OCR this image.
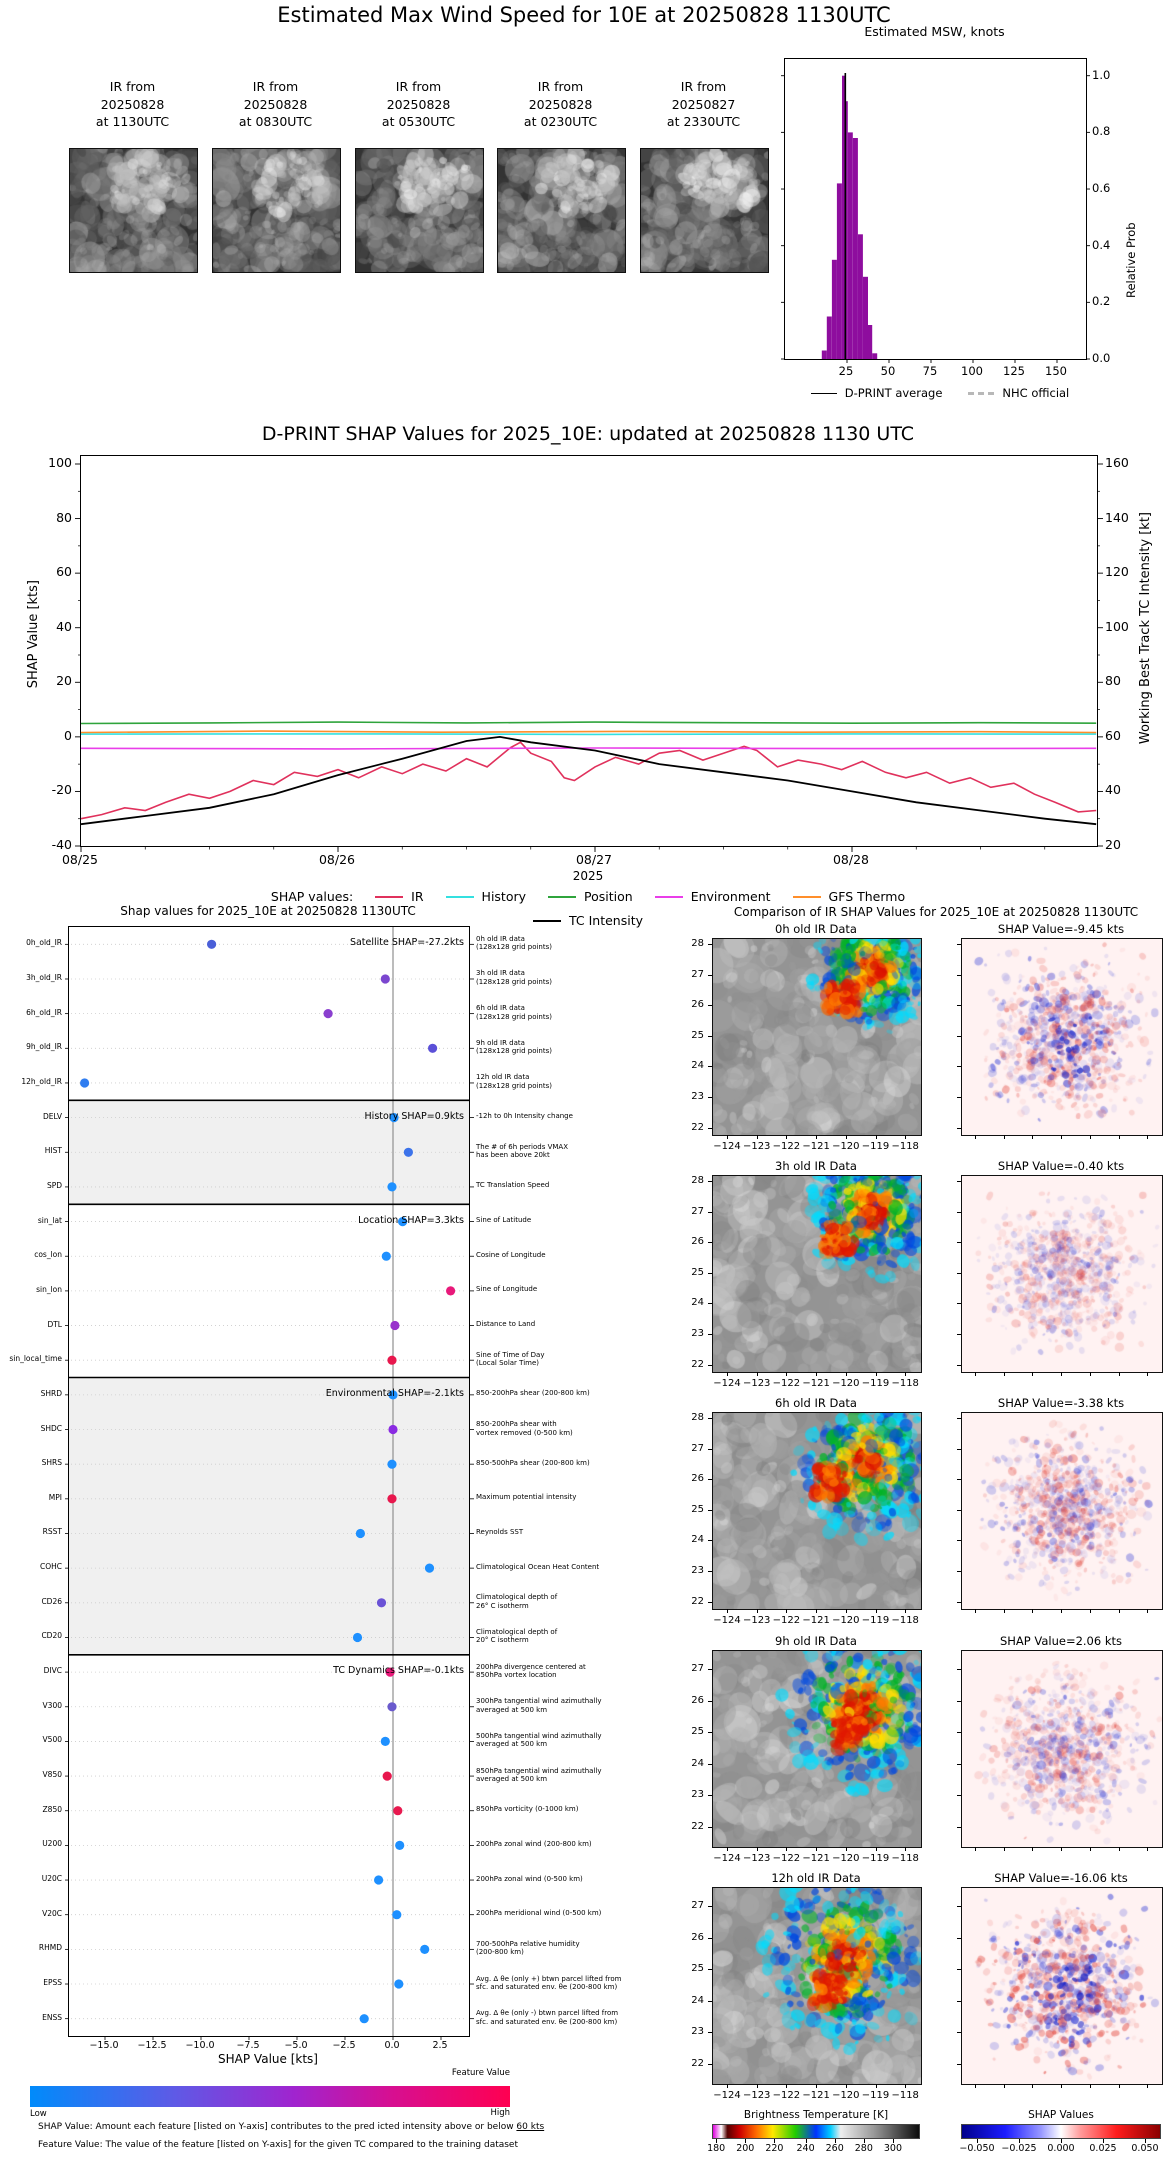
Estimated Max Wind Speed for 10E at 20250828 1130UTC
Estimated MSW, knots
Relative Prob
D-PRINT SHAP Values for 2025_10E: updated at 20250828 1130 UTC
SHAP Value [kts]	Working Best Track TC Intensity [kt]
2025
Shap values for 2025_10E at 20250828 1130UTC
SHAP Value [kts]
Feature Value
Low	High
SHAP Value: Amount each feature [listed on Y-axis] contributes to the pred icted intensity above or below 60 kts
Feature Value: The value of the feature [listed on Y-axis] for the given TC compared to the training dataset
Comparison of IR SHAP Values for 2025_10E at 20250828 1130UTC
Brightness Temperature [K]	SHAP Values
IR from
20250828
at 1130UTC
IR from
20250828
at 0830UTC
IR from
20250828
at 0530UTC
IR from
20250828
at 0230UTC
IR from
20250827
at 2330UTC
1.0
0.8
0.6
0.4
0.2
0.0
25	50	75	100	125	150
D-PRINT average	NHC official
100	160
80	140
60	120
40	100
20	80
0	60
-20	40
-40	20
08/25	08/26	08/27	08/28
SHAP values:	IR	History	Position	Environment	GFS Thermo
TC Intensity
0h_old_IR	0h old IR data
(128x128 grid points)
3h_old_IR	3h old IR data
(128x128 grid points)
6h_old_IR	6h old IR data
(128x128 grid points)
9h_old_IR	9h old IR data
(128x128 grid points)
12h_old_IR	12h old IR data
(128x128 grid points)
DELV	-12h to 0h Intensity change
HIST	The # of 6h periods VMAX
has been above 20kt
SPD	TC Translation Speed
sin_lat	Sine of Latitude
cos_lon	Cosine of Longitude
sin_lon	Sine of Longitude
DTL	Distance to Land
sin_local_time	Sine of Time of Day
(Local Solar Time)
SHRD	850-200hPa shear (200-800 km)
SHDC	850-200hPa shear with
vortex removed (0-500 km)
SHRS	850-500hPa shear (200-800 km)
MPI	Maximum potential intensity
RSST	Reynolds SST
COHC	Climatological Ocean Heat Content
CD26	Climatological depth of
26° C isotherm
CD20	Climatological depth of
20° C isotherm
DIVC	200hPa divergence centered at
850hPa vortex location
V300	300hPa tangential wind azimuthally
averaged at 500 km
V500	500hPa tangential wind azimuthally
averaged at 500 km
V850	850hPa tangential wind azimuthally
averaged at 500 km
Z850	850hPa vorticity (0-1000 km)
U200	200hPa zonal wind (200-800 km)
U20C	200hPa zonal wind (0-500 km)
V20C	200hPa meridional wind (0-500 km)
RHMD	700-500hPa relative humidity
(200-800 km)
EPSS	Avg. Δ θe (only +) btwn parcel lifted from
sfc. and saturated env. θe (200-800 km)
ENSS	Avg. Δ θe (only -) btwn parcel lifted from
sfc. and saturated env. θe (200-800 km)
Satellite SHAP=-27.2kts
History SHAP=0.9kts
Location SHAP=3.3kts
Environmental SHAP=-2.1kts
TC Dynamics SHAP=-0.1kts
−15.0	−12.5	−10.0	−7.5	−5.0	−2.5	0.0	2.5
0h old IR Data	SHAP Value=-9.45 kts
28
27
26
25
24
23
22
−124 −123 −122 −121 −120 −119 −118
3h old IR Data	SHAP Value=-0.40 kts
28
27
26
25
24
23
22
−124 −123 −122 −121 −120 −119 −118
6h old IR Data	SHAP Value=-3.38 kts
28
27
26
25
24
23
22
−124 −123 −122 −121 −120 −119 −118
9h old IR Data	SHAP Value=2.06 kts
27
26
25
24
23
22
−124 −123 −122 −121 −120 −119 −118
12h old IR Data	SHAP Value=-16.06 kts
27
26
25
24
23
22
−124 −123 −122 −121 −120 −119 −118
180	200	220	240	260	280	300	−0.050 −0.025	0.000	0.025	0.050
